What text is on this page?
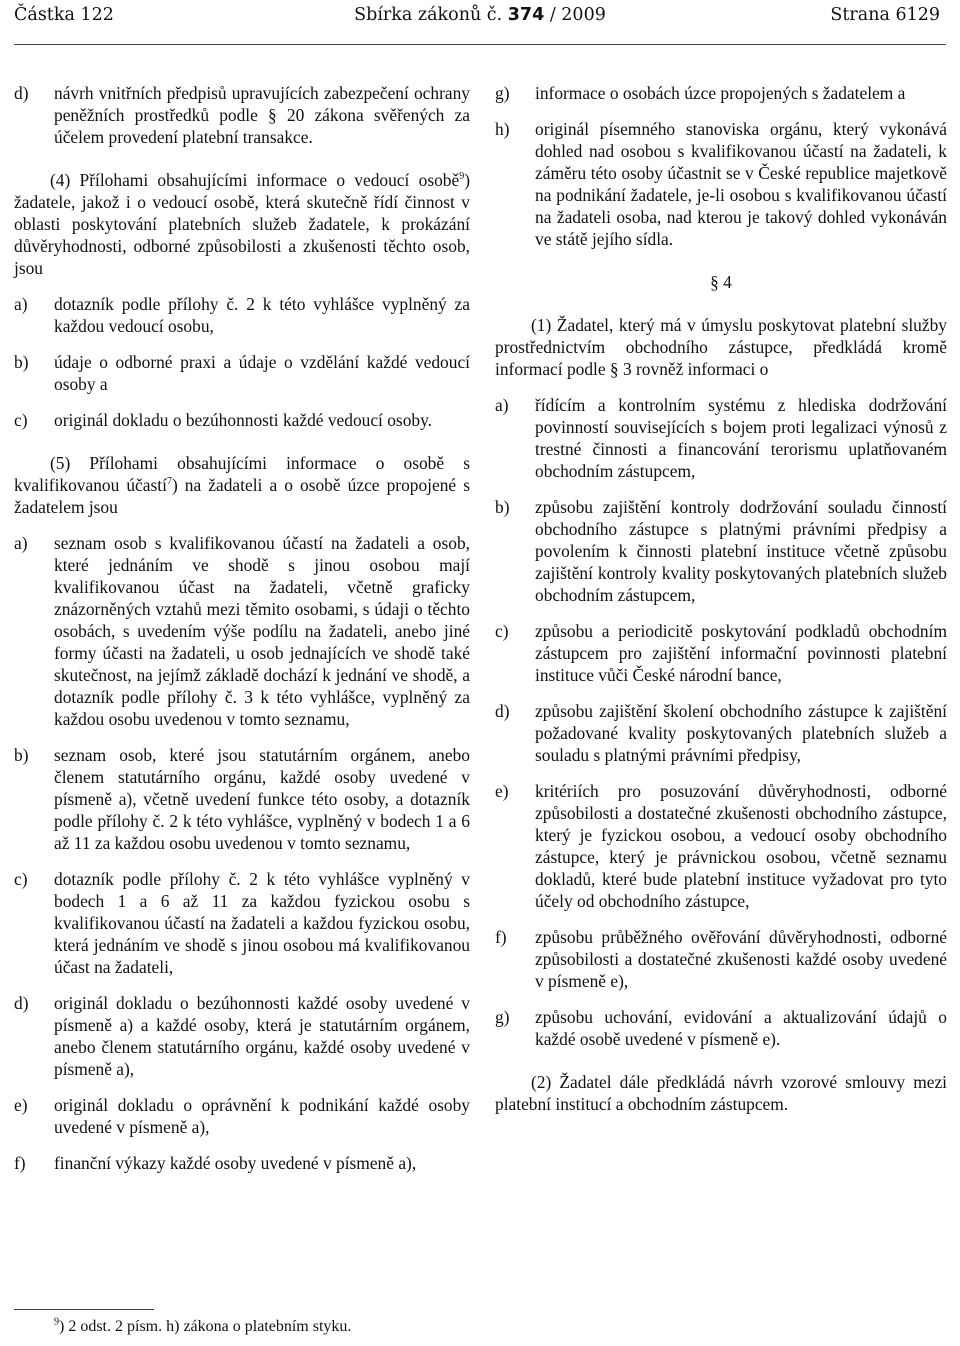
Částka 122	Sbírka zákonů č. 374 / 2009	Strana 6129
d) návrh vnitřních předpisů upravujících zabezpečení ochrany peněžních prostředků podle § 20 zákona svěřených za účelem provedení platební transakce.

(4) Přílohami obsahujícími informace o vedoucí osobě$^9$) žadatele, jakož i o vedoucí osobě, která skutečně řídí činnost v oblasti poskytování platebních služeb žadatele, k prokázání důvěryhodnosti, odborné způsobilosti a zkušenosti těchto osob, jsou

a) dotazník podle přílohy č. 2 k této vyhlášce vyplněný za každou vedoucí osobu,
b) údaje o odborné praxi a údaje o vzdělání každé vedoucí osoby a
c) originál dokladu o bezúhonnosti každé vedoucí osoby.

(5) Přílohami obsahujícími informace o osobě s kvalifikovanou účastí$^7$) na žadateli a o osobě úzce propojené s žadatelem jsou

a) seznam osob s kvalifikovanou účastí na žadateli a osob, které jednáním ve shodě s jinou osobou mají kvalifikovanou účast na žadateli, včetně graficky znázorněných vztahů mezi těmito osobami, s údaji o těchto osobách, s uvedením výše podílu na žadateli, anebo jiné formy účasti na žadateli, u osob jednajících ve shodě také skutečnost, na jejímž základě dochází k jednání ve shodě, a dotazník podle přílohy č. 3 k této vyhlášce, vyplněný za každou osobu uvedenou v tomto seznamu,
b) seznam osob, které jsou statutárním orgánem, anebo členem statutárního orgánu, každé osoby uvedené v písmeně a), včetně uvedení funkce této osoby, a dotazník podle přílohy č. 2 k této vyhlášce, vyplněný v bodech 1 a 6 až 11 za každou osobu uvedenou v tomto seznamu,
c) dotazník podle přílohy č. 2 k této vyhlášce vyplněný v bodech 1 a 6 až 11 za každou fyzickou osobu s kvalifikovanou účastí na žadateli a každou fyzickou osobu, která jednáním ve shodě s jinou osobou má kvalifikovanou účast na žadateli,
d) originál dokladu o bezúhonnosti každé osoby uvedené v písmeně a) a každé osoby, která je statutárním orgánem, anebo členem statutárního orgánu, každé osoby uvedené v písmeně a),
e) originál dokladu o oprávnění k podnikání každé osoby uvedené v písmeně a),
f) finanční výkazy každé osoby uvedené v písmeně a),
g) informace o osobách úzce propojených s žadatelem a
h) originál písemného stanoviska orgánu, který vykonává dohled nad osobou s kvalifikovanou účastí na žadateli, k záměru této osoby účastnit se v České republice majetkově na podnikání žadatele, je-li osobou s kvalifikovanou účastí na žadateli osoba, nad kterou je takový dohled vykonáván ve státě jejího sídla.

§ 4

(1) Žadatel, který má v úmyslu poskytovat platební služby prostřednictvím obchodního zástupce, předkládá kromě informací podle § 3 rovněž informaci o

a) řídícím a kontrolním systému z hlediska dodržování povinností souvisejících s bojem proti legalizaci výnosů z trestné činnosti a financování terorismu uplatňovaném obchodním zástupcem,
b) způsobu zajištění kontroly dodržování souladu činností obchodního zástupce s platnými právními předpisy a povolením k činnosti platební instituce včetně způsobu zajištění kontroly kvality poskytovaných platebních služeb obchodním zástupcem,
c) způsobu a periodicitě poskytování podkladů obchodním zástupcem pro zajištění informační povinnosti platební instituce vůči České národní bance,
d) způsobu zajištění školení obchodního zástupce k zajištění požadované kvality poskytovaných platebních služeb a souladu s platnými právními předpisy,
e) kritériích pro posuzování důvěryhodnosti, odborné způsobilosti a dostatečné zkušenosti obchodního zástupce, který je fyzickou osobou, a vedoucí osoby obchodního zástupce, který je právnickou osobou, včetně seznamu dokladů, které bude platební instituce vyžadovat pro tyto účely od obchodního zástupce,
f) způsobu průběžného ověřování důvěryhodnosti, odborné způsobilosti a dostatečné zkušenosti každé osoby uvedené v písmeně e),
g) způsobu uchování, evidování a aktualizování údajů o každé osobě uvedené v písmeně e).

(2) Žadatel dále předkládá návrh vzorové smlouvy mezi platební institucí a obchodním zástupcem.

$^9$) 2 odst. 2 písm. h) zákona o platebním styku.
